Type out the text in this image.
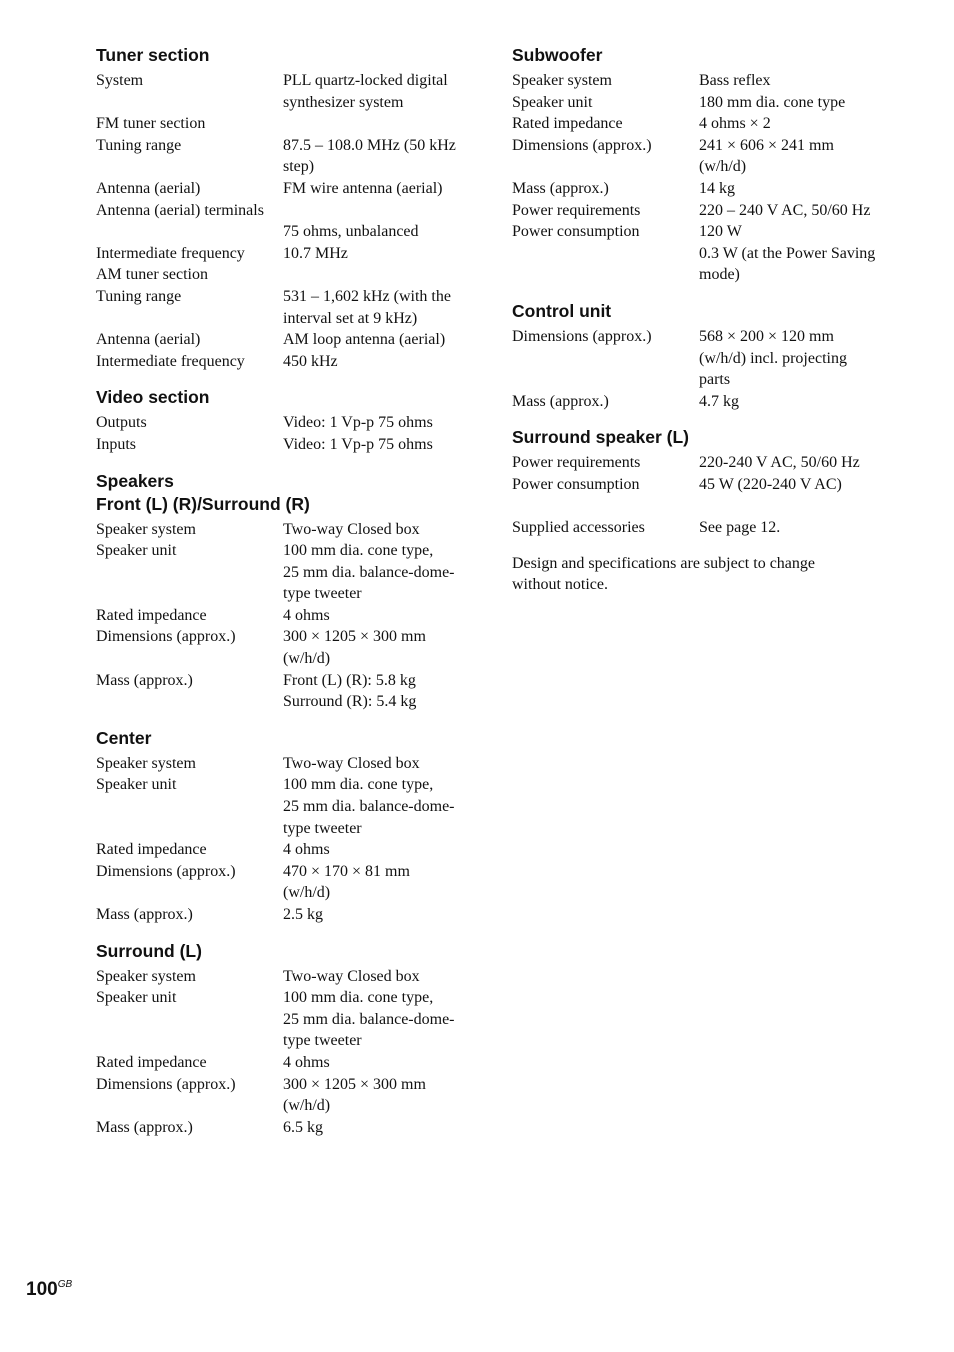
Tuner section
System	PLL quartz-locked digital
synthesizer system
FM tuner section
Tuning range	87.5 – 108.0 MHz (50 kHz
step)
Antenna (aerial)	FM wire antenna (aerial)
Antenna (aerial) terminals
75 ohms, unbalanced
Intermediate frequency	10.7 MHz
AM tuner section
Tuning range	531 – 1,602 kHz (with the
interval set at 9 kHz)
Antenna (aerial)	AM loop antenna (aerial)
Intermediate frequency	450 kHz
Video section
Outputs	Video: 1 Vp-p 75 ohms
Inputs	Video: 1 Vp-p 75 ohms
Speakers
Front (L) (R)/Surround (R)
Speaker system	Two-way Closed box
Speaker unit	100 mm dia. cone type,
25 mm dia. balance-dome-
type tweeter
Rated impedance	4 ohms
Dimensions (approx.)	300 × 1205 × 300 mm
(w/h/d)
Mass (approx.)	Front (L) (R): 5.8 kg
Surround (R): 5.4 kg
Center
Speaker system	Two-way Closed box
Speaker unit	100 mm dia. cone type,
25 mm dia. balance-dome-
type tweeter
Rated impedance	4 ohms
Dimensions (approx.)	470 × 170 × 81 mm
(w/h/d)
Mass (approx.)	2.5 kg
Surround (L)
Speaker system	Two-way Closed box
Speaker unit	100 mm dia. cone type,
25 mm dia. balance-dome-
type tweeter
Rated impedance	4 ohms
Dimensions (approx.)	300 × 1205 × 300 mm
(w/h/d)
Mass (approx.)	6.5 kg
Subwoofer
Speaker system	Bass reflex
Speaker unit	180 mm dia. cone type
Rated impedance	4 ohms × 2
Dimensions (approx.)	241 × 606 × 241 mm
(w/h/d)
Mass (approx.)	14 kg
Power requirements	220 – 240 V AC, 50/60 Hz
Power consumption	120 W
0.3 W (at the Power Saving
mode)
Control unit
Dimensions (approx.)	568 × 200 × 120 mm
(w/h/d) incl. projecting
parts
Mass (approx.)	4.7 kg
Surround speaker (L)
Power requirements	220-240 V AC, 50/60 Hz
Power consumption	45 W (220-240 V AC)
Supplied accessories	See page 12.
Design and specifications are subject to change without notice.
$100^{GB}$
